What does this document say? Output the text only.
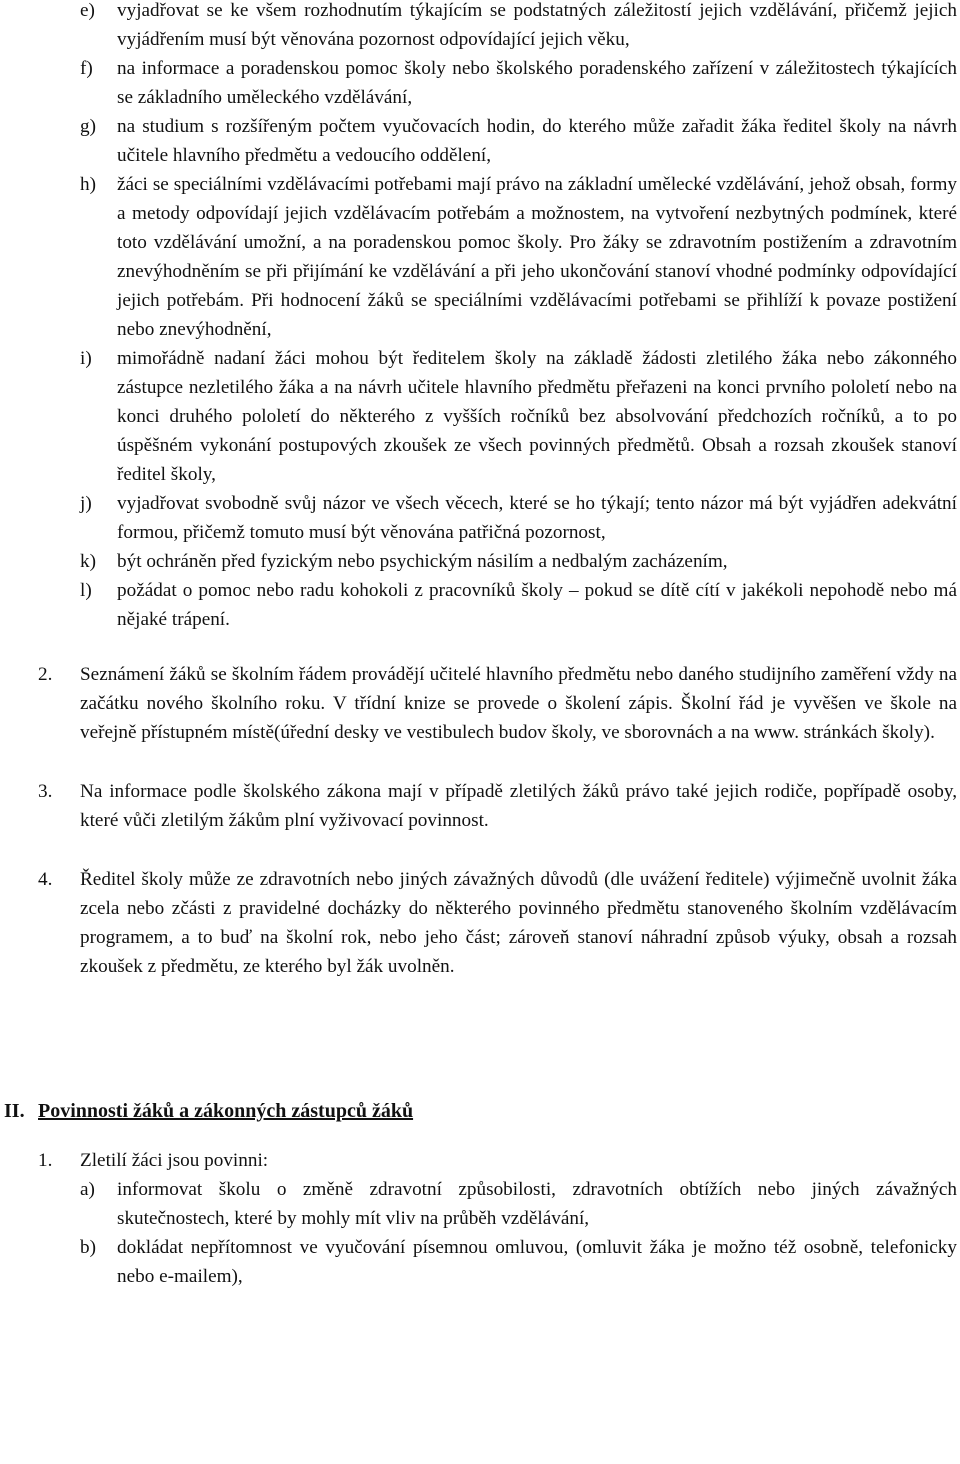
e) vyjadřovat se ke všem rozhodnutím týkajícím se podstatných záležitostí jejich vzdělávání, přičemž jejich vyjádřením musí být věnována pozornost odpovídající jejich věku,
f) na informace a poradenskou pomoc školy nebo školského poradenského zařízení v záležitostech týkajících se základního uměleckého vzdělávání,
g) na studium s rozšířeným počtem vyučovacích hodin, do kterého může zařadit žáka ředitel školy na návrh učitele hlavního předmětu a vedoucího oddělení,
h) žáci se speciálními vzdělávacími potřebami mají právo na základní umělecké vzdělávání, jehož obsah, formy a metody odpovídají jejich vzdělávacím potřebám a možnostem, na vytvoření nezbytných podmínek, které toto vzdělávání umožní, a na poradenskou pomoc školy. Pro žáky se zdravotním postižením a zdravotním znevýhodněním se při přijímání ke vzdělávání a při jeho ukončování stanoví vhodné podmínky odpovídající jejich potřebám. Při hodnocení žáků se speciálními vzdělávacími potřebami se přihlíží k povaze postižení nebo znevýhodnění,
i) mimořádně nadaní žáci mohou být ředitelem školy na základě žádosti zletilého žáka nebo zákonného zástupce nezletilého žáka a na návrh učitele hlavního předmětu přeřazeni na konci prvního pololetí nebo na konci druhého pololetí do některého z vyšších ročníků bez absolvování předchozích ročníků, a to po úspěšném vykonání postupových zkoušek ze všech povinných předmětů. Obsah a rozsah zkoušek stanoví ředitel školy,
j) vyjadřovat svobodně svůj názor ve všech věcech, které se ho týkají; tento názor má být vyjádřen adekvátní formou, přičemž tomuto musí být věnována patřičná pozornost,
k) být ochráněn před fyzickým nebo psychickým násilím a nedbalým zacházením,
l) požádat o pomoc nebo radu kohokoli z pracovníků školy – pokud se dítě cítí v jakékoli nepohodě nebo má nějaké trápení.
2. Seznámení žáků se školním řádem provádějí učitelé hlavního předmětu nebo daného studijního zaměření vždy na začátku nového školního roku. V třídní knize se provede o školení zápis. Školní řád je vyvěšen ve škole na veřejně přístupném místě(úřední desky ve vestibulech budov školy, ve sborovnách a na www. stránkách školy).
3. Na informace podle školského zákona mají v případě zletilých žáků právo také jejich rodiče, popřípadě osoby, které vůči zletilým žákům plní vyživovací povinnost.
4. Ředitel školy může ze zdravotních nebo jiných závažných důvodů (dle uvážení ředitele) výjimečně uvolnit žáka zcela nebo zčásti z pravidelné docházky do některého povinného předmětu stanoveného školním vzdělávacím programem, a to buď na školní rok, nebo jeho část; zároveň stanoví náhradní způsob výuky, obsah a rozsah zkoušek z předmětu, ze kterého byl žák uvolněn.
II. Povinnosti žáků a zákonných zástupců žáků
1. Zletilí žáci jsou povinni:
a) informovat školu o změně zdravotní způsobilosti, zdravotních obtížích nebo jiných závažných skutečnostech, které by mohly mít vliv na průběh vzdělávání,
b) dokládat nepřítomnost ve vyučování písemnou omluvou, (omluvit žáka je možno též osobně, telefonicky nebo e-mailem),
